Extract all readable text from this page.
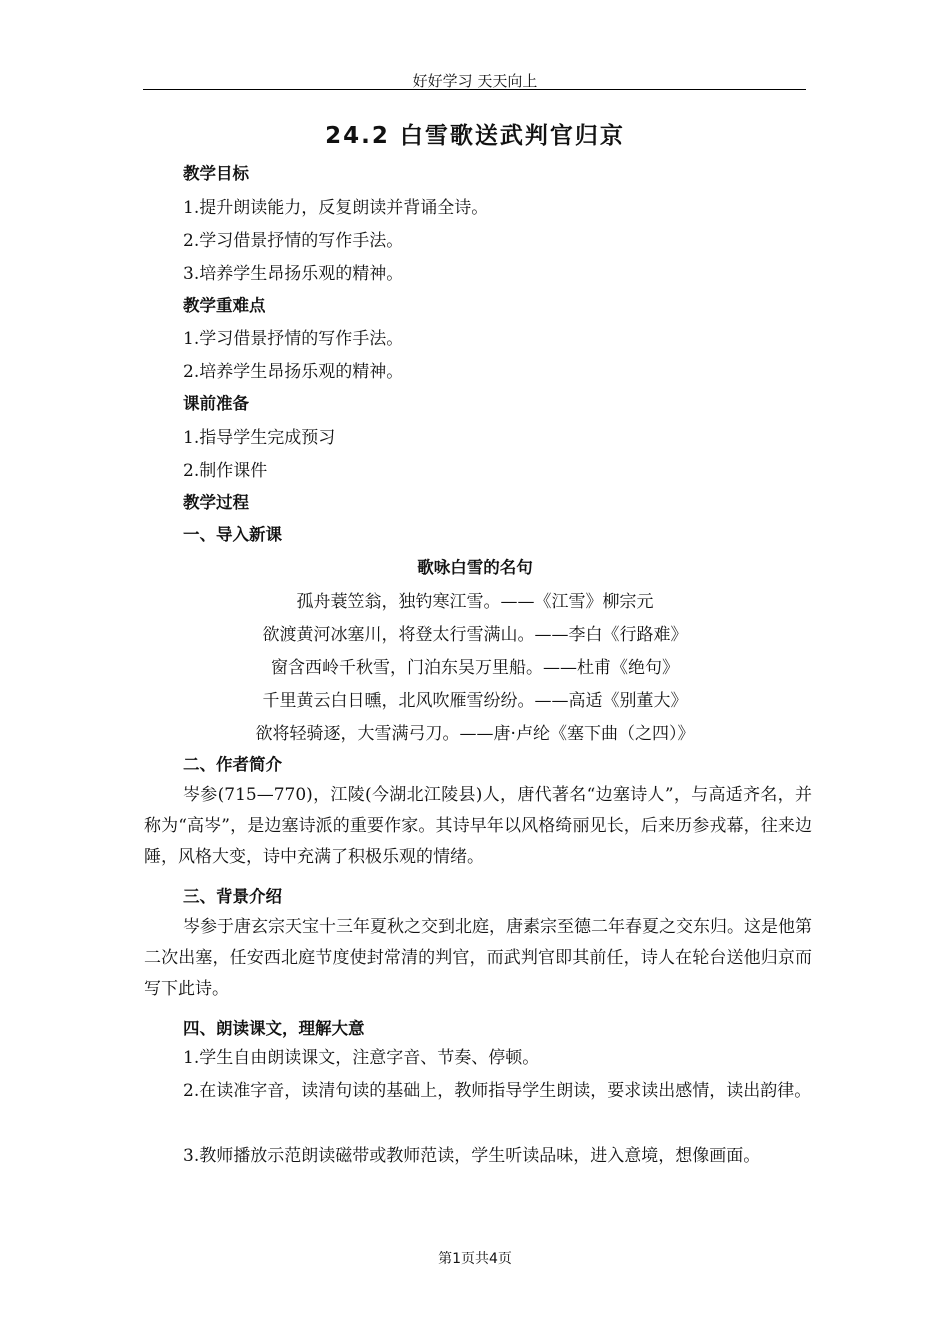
好好学习 天天向上
24.2 白雪歌送武判官归京
教学目标
1.提升朗读能力，反复朗读并背诵全诗。
2.学习借景抒情的写作手法。
3.培养学生昂扬乐观的精神。
教学重难点
1.学习借景抒情的写作手法。
2.培养学生昂扬乐观的精神。
课前准备
1.指导学生完成预习
2.制作课件
教学过程
一、导入新课
歌咏白雪的名句
孤舟蓑笠翁，独钓寒江雪。——《江雪》柳宗元
欲渡黄河冰塞川，将登太行雪满山。——李白《行路难》
窗含西岭千秋雪，门泊东吴万里船。——杜甫《绝句》
千里黄云白日曛，北风吹雁雪纷纷。——高适《别董大》
欲将轻骑逐，大雪满弓刀。——唐·卢纶《塞下曲（之四）》
二、作者简介
岑参(715—770)，江陵(今湖北江陵县)人，唐代著名“边塞诗人”，与高适齐名，并称为“高岑”，是边塞诗派的重要作家。其诗早年以风格绮丽见长，后来历参戎幕，往来边陲，风格大变，诗中充满了积极乐观的情绪。
三、背景介绍
岑参于唐玄宗天宝十三年夏秋之交到北庭，唐素宗至德二年春夏之交东归。这是他第二次出塞，任安西北庭节度使封常清的判官，而武判官即其前任，诗人在轮台送他归京而写下此诗。
四、朗读课文，理解大意
1.学生自由朗读课文，注意字音、节奏、停顿。
2.在读准字音，读清句读的基础上，教师指导学生朗读，要求读出感情，读出韵律。
3.教师播放示范朗读磁带或教师范读，学生听读品味，进入意境，想像画面。
第1页共4页
